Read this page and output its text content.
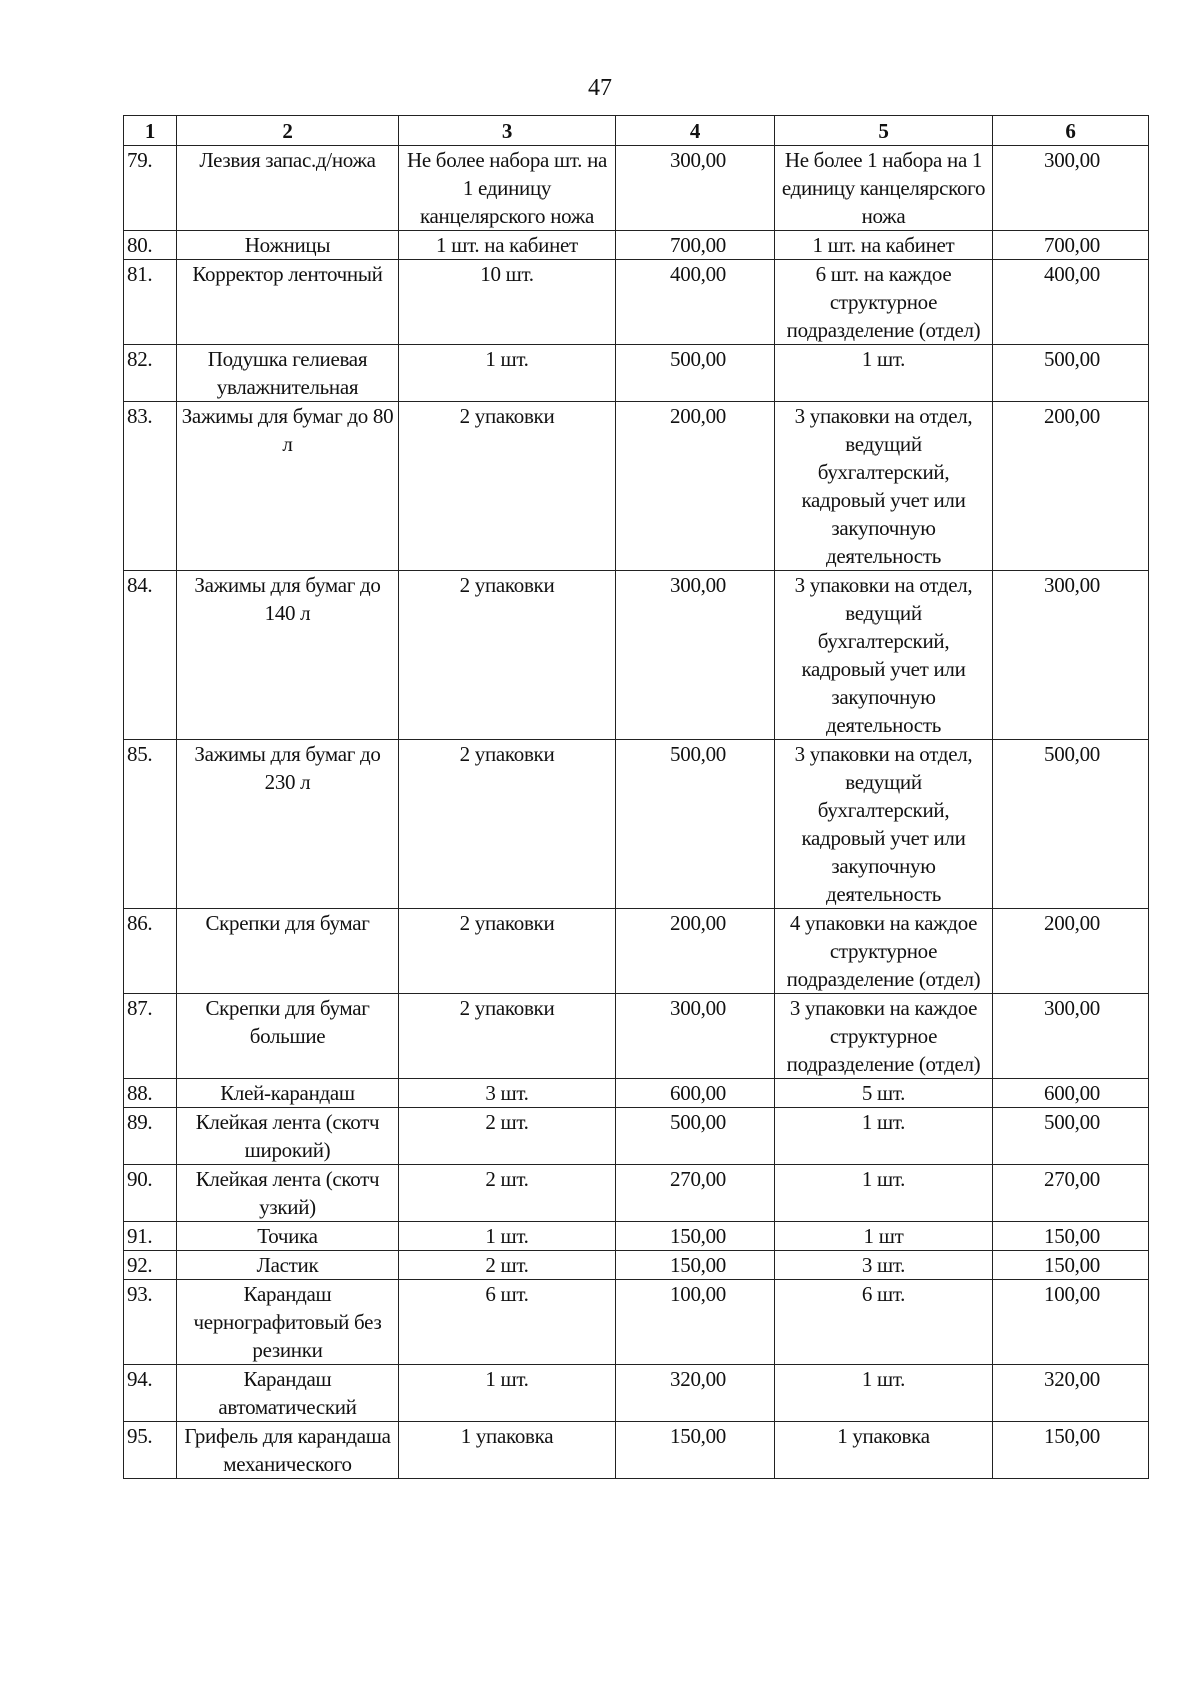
47
1	2	3	4	5	6
79.	Лезвия запас.д/ножа	Не более набора шт. на 1 единицу канцелярского ножа	300,00	Не более 1 набора на 1 единицу канцелярского ножа	300,00
80.	Ножницы	1 шт. на кабинет	700,00	1 шт. на кабинет	700,00
81.	Корректор ленточный	10 шт.	400,00	6 шт. на каждое структурное подразделение (отдел)	400,00
82.	Подушка гелиевая увлажнительная	1 шт.	500,00	1 шт.	500,00
83.	Зажимы для бумаг до 80 л	2 упаковки	200,00	3 упаковки на отдел, ведущий бухгалтерский, кадровый учет или закупочную деятельность	200,00
84.	Зажимы для бумаг до 140 л	2 упаковки	300,00	3 упаковки на отдел, ведущий бухгалтерский, кадровый учет или закупочную деятельность	300,00
85.	Зажимы для бумаг до 230 л	2 упаковки	500,00	3 упаковки на отдел, ведущий бухгалтерский, кадровый учет или закупочную деятельность	500,00
86.	Скрепки для бумаг	2 упаковки	200,00	4 упаковки на каждое структурное подразделение (отдел)	200,00
87.	Скрепки для бумаг большие	2 упаковки	300,00	3 упаковки на каждое структурное подразделение (отдел)	300,00
88.	Клей-карандаш	3 шт.	600,00	5 шт.	600,00
89.	Клейкая лента (скотч широкий)	2 шт.	500,00	1 шт.	500,00
90.	Клейкая лента (скотч узкий)	2 шт.	270,00	1 шт.	270,00
91.	Точика	1 шт.	150,00	1 шт	150,00
92.	Ластик	2 шт.	150,00	3 шт.	150,00
93.	Карандаш чернографитовый без резинки	6 шт.	100,00	6 шт.	100,00
94.	Карандаш автоматический	1 шт.	320,00	1 шт.	320,00
95.	Грифель для карандаша механического	1 упаковка	150,00	1 упаковка	150,00
